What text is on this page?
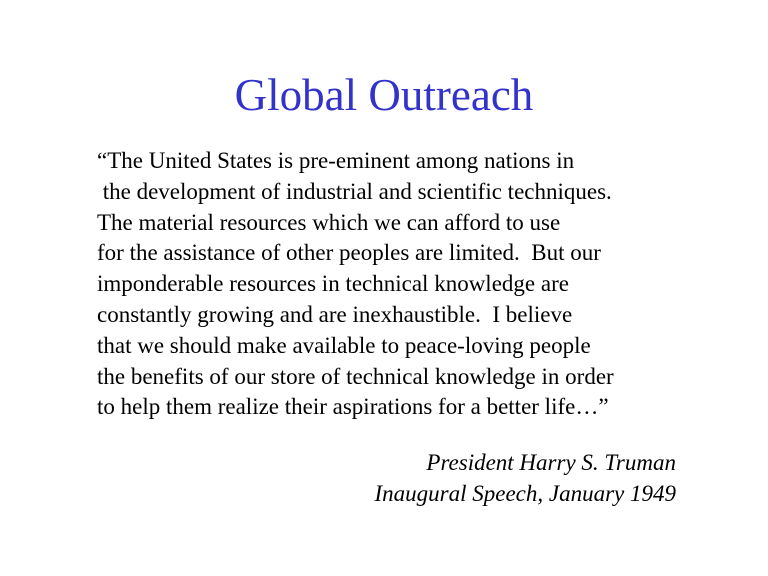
Global Outreach
“The United States is pre-eminent among nations in
the development of industrial and scientific techniques.
The material resources which we can afford to use
for the assistance of other peoples are limited.  But our
imponderable resources in technical knowledge are
constantly growing and are inexhaustible.  I believe
that we should make available to peace-loving people
the benefits of our store of technical knowledge in order
to help them realize their aspirations for a better life…”
President Harry S. Truman
Inaugural Speech, January 1949
